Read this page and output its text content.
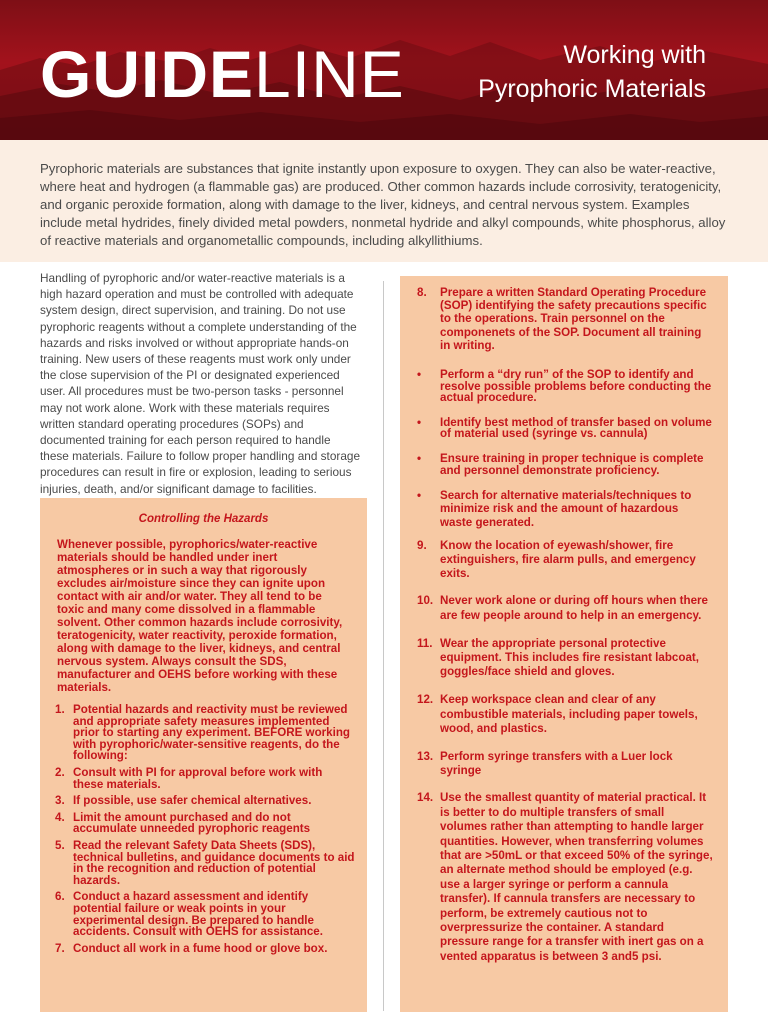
GUIDELINE	Working with
Pyrophoric Materials

Pyrophoric materials are substances that ignite instantly upon exposure to oxygen. They can also be water-reactive, where heat and hydrogen (a flammable gas) are produced. Other common hazards include corrosivity, teratogenicity, and organic peroxide formation, along with damage to the liver, kidneys, and central nervous system. Examples include metal hydrides, finely divided metal powders, nonmetal hydride and alkyl compounds, white phosphorus, alloy of reactive materials and organometallic compounds, including alkyllithiums.

Handling of pyrophoric and/or water-reactive materials is a high hazard operation and must be controlled with adequate system design, direct supervision, and training. Do not use pyrophoric reagents without a complete understanding of the hazards and risks involved or without appropriate hands-on training. New users of these reagents must work only under the close supervision of the PI or designated experienced user. All procedures must be two-person tasks - personnel may not work alone. Work with these materials requires written standard operating procedures (SOPs) and documented training for each person required to handle these materials. Failure to follow proper handling and storage procedures can result in fire or explosion, leading to serious injuries, death, and/or significant damage to facilities.

Controlling the Hazards

Whenever possible, pyrophorics/water-reactive materials should be handled under inert atmospheres or in such a way that rigorously excludes air/moisture since they can ignite upon contact with air and/or water. They all tend to be toxic and many come dissolved in a flammable solvent. Other common hazards include corrosivity, teratogenicity, water reactivity, peroxide formation, along with damage to the liver, kidneys, and central nervous system. Always consult the SDS, manufacturer and OEHS before working with these materials.

1. Potential hazards and reactivity must be reviewed and appropriate safety measures implemented prior to starting any experiment. BEFORE working with pyrophoric/water-sensitive reagents, do the following:
2. Consult with PI for approval before work with these materials.
3. If possible, use safer chemical alternatives.
4. Limit the amount purchased and do not accumulate unneeded pyrophoric reagents
5. Read the relevant Safety Data Sheets (SDS), technical bulletins, and guidance documents to aid in the recognition and reduction of potential hazards.
6. Conduct a hazard assessment and identify potential failure or weak points in your experimental design. Be prepared to handle accidents. Consult with OEHS for assistance.
7. Conduct all work in a fume hood or glove box.
8. Prepare a written Standard Operating Procedure (SOP) identifying the safety precautions specific to the operations. Train personnel on the componenets of the SOP. Document all training in writing.
• Perform a “dry run” of the SOP to identify and resolve possible problems before conducting the actual procedure.
• Identify best method of transfer based on volume of material used (syringe vs. cannula)
• Ensure training in proper technique is complete and personnel demonstrate proficiency.
• Search for alternative materials/techniques to minimize risk and the amount of hazardous waste generated.
9. Know the location of eyewash/shower, fire extinguishers, fire alarm pulls, and emergency exits.
10. Never work alone or during off hours when there are few people around to help in an emergency.
11. Wear the appropriate personal protective equipment. This includes fire resistant labcoat, goggles/face shield and gloves.
12. Keep workspace clean and clear of any combustible materials, including paper towels, wood, and plastics.
13. Perform syringe transfers with a Luer lock syringe
14. Use the smallest quantity of material practical. It is better to do multiple transfers of small volumes rather than attempting to handle larger quantities. However, when transferring volumes that are >50mL or that exceed 50% of the syringe, an alternate method should be employed (e.g. use a larger syringe or perform a cannula transfer). If cannula transfers are necessary to perform, be extremely cautious not to overpressurize the container. A standard pressure range for a transfer with inert gas on a vented apparatus is between 3 and5 psi.
